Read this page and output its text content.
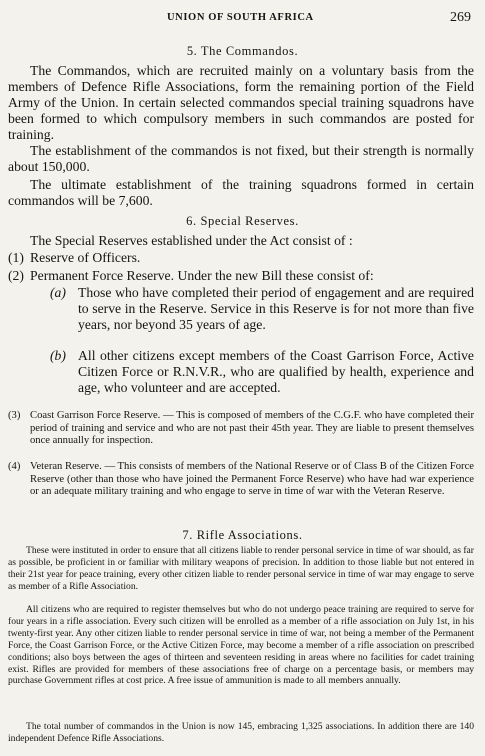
UNION OF SOUTH AFRICA	269
5. The Commandos.

The Commandos, which are recruited mainly on a voluntary basis from the members of Defence Rifle Associations, form the remaining portion of the Field Army of the Union. In certain selected commandos special training squadrons have been formed to which compulsory members in such commandos are posted for training.

The establishment of the commandos is not fixed, but their strength is normally about 150,000.

The ultimate establishment of the training squadrons formed in certain commandos will be 7,600.

6. Special Reserves.

The Special Reserves established under the Act consist of :

(1) Reserve of Officers.
(2) Permanent Force Reserve. Under the new Bill these consist of:
(a) Those who have completed their period of engagement and are required to serve in the Reserve. Service in this Reserve is for not more than five years, nor beyond 35 years of age.
(b) All other citizens except members of the Coast Garrison Force, Active Citizen Force or R.N.V.R., who are qualified by health, experience and age, who volunteer and are accepted.
(3) Coast Garrison Force Reserve. — This is composed of members of the C.G.F. who have completed their period of training and service and who are not past their 45th year. They are liable to present themselves once annually for inspection.
(4) Veteran Reserve. — This consists of members of the National Reserve or of Class B of the Citizen Force Reserve (other than those who have joined the Permanent Force Reserve) who have had war experience or an adequate military training and who engage to serve in time of war with the Veteran Reserve.
7. Rifle Associations.

These were instituted in order to ensure that all citizens liable to render personal service in time of war should, as far as possible, be proficient in or familiar with military weapons of precision. In addition to those liable but not entered in their 21st year for peace training, every other citizen liable to render personal service in time of war may engage to serve as member of a Rifle Association.

All citizens who are required to register themselves but who do not undergo peace training are required to serve for four years in a rifle association. Every such citizen will be enrolled as a member of a rifle association on July 1st, in his twenty-first year. Any other citizen liable to render personal service in time of war, not being a member of the Permanent Force, the Coast Garrison Force, or the Active Citizen Force, may become a member of a rifle association on prescribed conditions; also boys between the ages of thirteen and seventeen residing in areas where no facilities for cadet training exist. Rifles are provided for members of these associations free of charge on a percentage basis, or members may purchase Government rifles at cost price. A free issue of ammunition is made to all members annually.

The total number of commandos in the Union is now 145, embracing 1,325 associations. In addition there are 140 independent Defence Rifle Associations.
